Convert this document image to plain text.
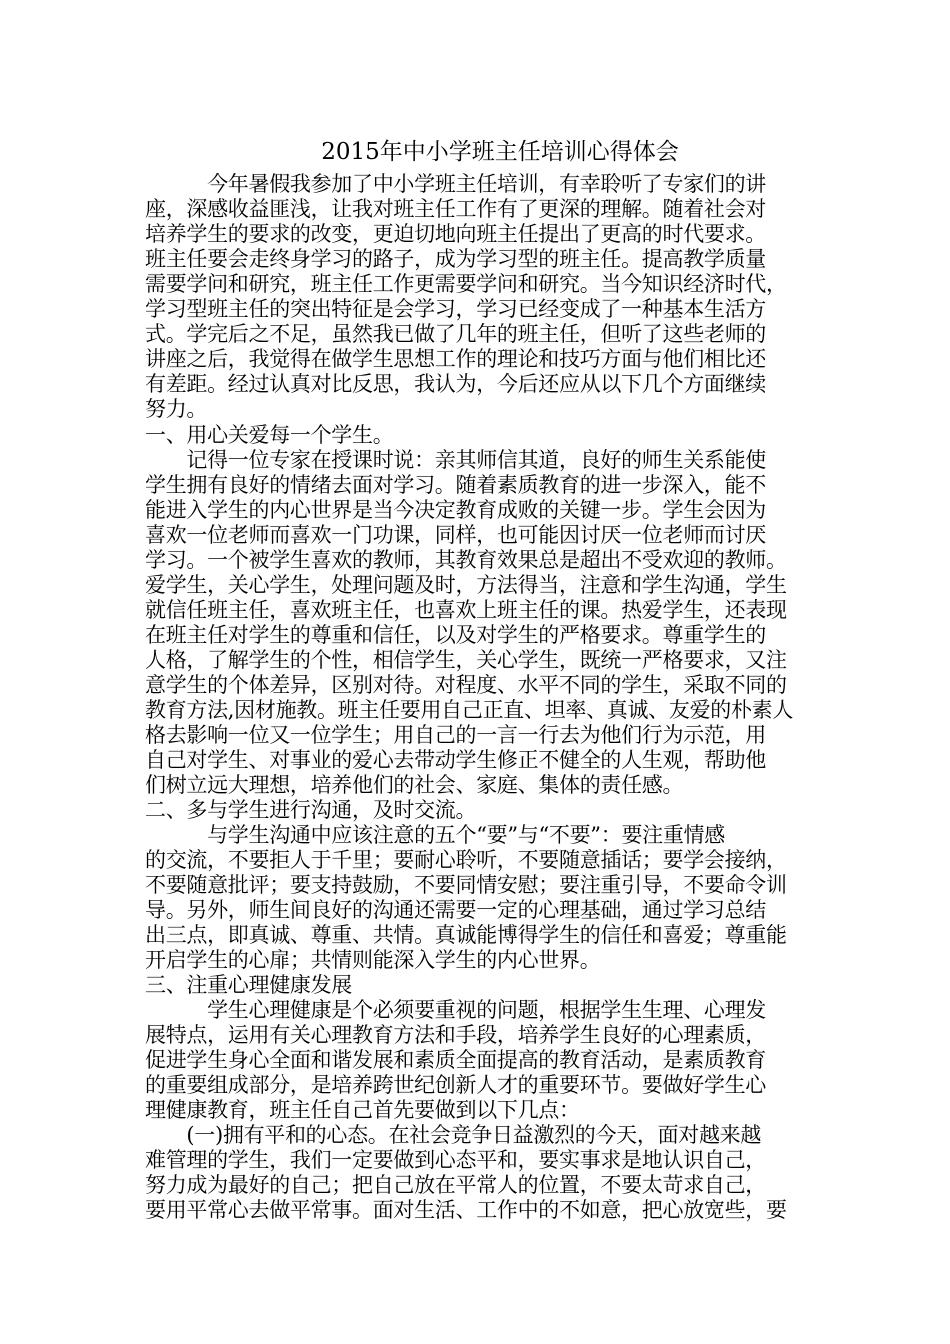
2015年中小学班主任培训心得体会
　　　今年暑假我参加了中小学班主任培训，有幸聆听了专家们的讲
座，深感收益匪浅，让我对班主任工作有了更深的理解。随着社会对
培养学生的要求的改变，更迫切地向班主任提出了更高的时代要求。
班主任要会走终身学习的路子，成为学习型的班主任。提高教学质量
需要学问和研究，班主任工作更需要学问和研究。当今知识经济时代，
学习型班主任的突出特征是会学习，学习已经变成了一种基本生活方
式。学完后之不足，虽然我已做了几年的班主任，但听了这些老师的
讲座之后，我觉得在做学生思想工作的理论和技巧方面与他们相比还
有差距。经过认真对比反思，我认为，今后还应从以下几个方面继续
努力。
一、用心关爱每一个学生。
　　记得一位专家在授课时说：亲其师信其道，良好的师生关系能使
学生拥有良好的情绪去面对学习。随着素质教育的进一步深入，能不
能进入学生的内心世界是当今决定教育成败的关键一步。学生会因为
喜欢一位老师而喜欢一门功课，同样，也可能因讨厌一位老师而讨厌
学习。一个被学生喜欢的教师，其教育效果总是超出不受欢迎的教师。
爱学生，关心学生，处理问题及时，方法得当，注意和学生沟通，学生
就信任班主任，喜欢班主任，也喜欢上班主任的课。热爱学生，还表现
在班主任对学生的尊重和信任，以及对学生的严格要求。尊重学生的
人格，了解学生的个性，相信学生，关心学生，既统一严格要求，又注
意学生的个体差异，区别对待。对程度、水平不同的学生，采取不同的
教育方法,因材施教。班主任要用自己正直、坦率、真诚、友爱的朴素人
格去影响一位又一位学生；用自己的一言一行去为他们行为示范，用
自己对学生、对事业的爱心去带动学生修正不健全的人生观，帮助他
们树立远大理想，培养他们的社会、家庭、集体的责任感。
二、多与学生进行沟通，及时交流。
　　　与学生沟通中应该注意的五个“要”与“不要”：要注重情感
的交流，不要拒人于千里；要耐心聆听，不要随意插话；要学会接纳，
不要随意批评；要支持鼓励，不要同情安慰；要注重引导，不要命令训
导。另外，师生间良好的沟通还需要一定的心理基础，通过学习总结
出三点，即真诚、尊重、共情。真诚能博得学生的信任和喜爱；尊重能
开启学生的心扉；共情则能深入学生的内心世界。
三、注重心理健康发展
　　　学生心理健康是个必须要重视的问题，根据学生生理、心理发
展特点，运用有关心理教育方法和手段，培养学生良好的心理素质，
促进学生身心全面和谐发展和素质全面提高的教育活动，是素质教育
的重要组成部分，是培养跨世纪创新人才的重要环节。要做好学生心
理健康教育，班主任自己首先要做到以下几点：
　　(一)拥有平和的心态。在社会竞争日益激烈的今天，面对越来越
难管理的学生，我们一定要做到心态平和，要实事求是地认识自己，
努力成为最好的自己；把自己放在平常人的位置，不要太苛求自己，
要用平常心去做平常事。面对生活、工作中的不如意，把心放宽些，要
